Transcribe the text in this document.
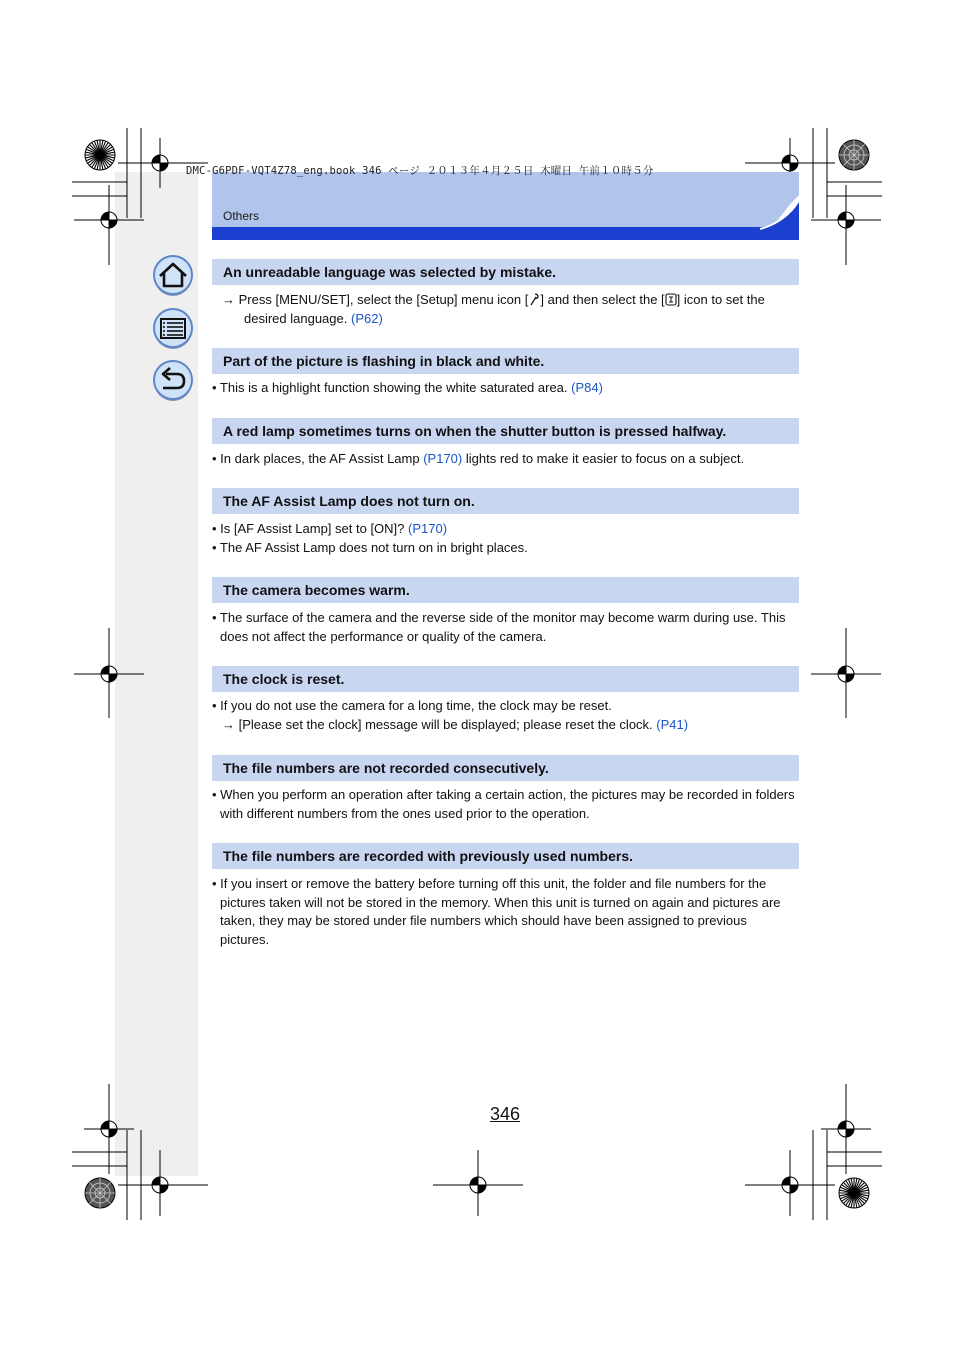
DMC-G6PDF-VQT4Z78_eng.book 346 ページ ２０１３年４月２５日 木曜日 午前１０時５分
Others
An unreadable language was selected by mistake.
→ Press [MENU/SET], select the [Setup] menu icon [ ] and then select the [ ] icon to set the desired language. (P62)
Part of the picture is flashing in black and white.
• This is a highlight function showing the white saturated area. (P84)
A red lamp sometimes turns on when the shutter button is pressed halfway.
• In dark places, the AF Assist Lamp (P170) lights red to make it easier to focus on a subject.
The AF Assist Lamp does not turn on.
• Is [AF Assist Lamp] set to [ON]? (P170)
• The AF Assist Lamp does not turn on in bright places.
The camera becomes warm.
• The surface of the camera and the reverse side of the monitor may become warm during use. This does not affect the performance or quality of the camera.
The clock is reset.
• If you do not use the camera for a long time, the clock may be reset.
→ [Please set the clock] message will be displayed; please reset the clock. (P41)
The file numbers are not recorded consecutively.
• When you perform an operation after taking a certain action, the pictures may be recorded in folders with different numbers from the ones used prior to the operation.
The file numbers are recorded with previously used numbers.
• If you insert or remove the battery before turning off this unit, the folder and file numbers for the pictures taken will not be stored in the memory. When this unit is turned on again and pictures are taken, they may be stored under file numbers which should have been assigned to previous pictures.
346
